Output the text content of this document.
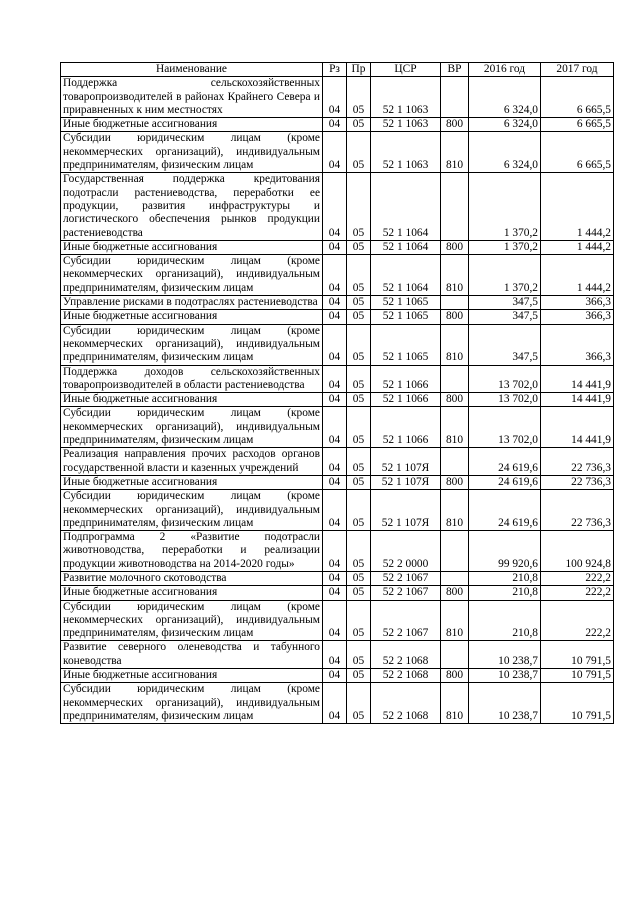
Наименование	Рз	Пр	ЦСР	ВР	2016 год	2017 год
Поддержка сельскохозяйственных товаропроизводителей в районах Крайнего Севера и приравненных к ним местностях	04	05	52 1 1063		6 324,0	6 665,5
Иные бюджетные ассигнования	04	05	52 1 1063	800	6 324,0	6 665,5
Субсидии юридическим лицам (кроме некоммерческих организаций), индивидуальным предпринимателям, физическим лицам	04	05	52 1 1063	810	6 324,0	6 665,5
Государственная поддержка кредитования подотрасли растениеводства, переработки ее продукции, развития инфраструктуры и логистического обеспечения рынков продукции растениеводства	04	05	52 1 1064		1 370,2	1 444,2
Иные бюджетные ассигнования	04	05	52 1 1064	800	1 370,2	1 444,2
Субсидии юридическим лицам (кроме некоммерческих организаций), индивидуальным предпринимателям, физическим лицам	04	05	52 1 1064	810	1 370,2	1 444,2
Управление рисками в подотраслях растениеводства	04	05	52 1 1065		347,5	366,3
Иные бюджетные ассигнования	04	05	52 1 1065	800	347,5	366,3
Субсидии юридическим лицам (кроме некоммерческих организаций), индивидуальным предпринимателям, физическим лицам	04	05	52 1 1065	810	347,5	366,3
Поддержка доходов сельскохозяйственных товаропроизводителей в области растениеводства	04	05	52 1 1066		13 702,0	14 441,9
Иные бюджетные ассигнования	04	05	52 1 1066	800	13 702,0	14 441,9
Субсидии юридическим лицам (кроме некоммерческих организаций), индивидуальным предпринимателям, физическим лицам	04	05	52 1 1066	810	13 702,0	14 441,9
Реализация направления прочих расходов органов государственной власти и казенных учреждений	04	05	52 1 107Я		24 619,6	22 736,3
Иные бюджетные ассигнования	04	05	52 1 107Я	800	24 619,6	22 736,3
Субсидии юридическим лицам (кроме некоммерческих организаций), индивидуальным предпринимателям, физическим лицам	04	05	52 1 107Я	810	24 619,6	22 736,3
Подпрограмма 2 «Развитие подотрасли животноводства, переработки и реализации продукции животноводства на 2014-2020 годы»	04	05	52 2 0000		99 920,6	100 924,8
Развитие молочного скотоводства	04	05	52 2 1067		210,8	222,2
Иные бюджетные ассигнования	04	05	52 2 1067	800	210,8	222,2
Субсидии юридическим лицам (кроме некоммерческих организаций), индивидуальным предпринимателям, физическим лицам	04	05	52 2 1067	810	210,8	222,2
Развитие северного оленеводства и табунного коневодства	04	05	52 2 1068		10 238,7	10 791,5
Иные бюджетные ассигнования	04	05	52 2 1068	800	10 238,7	10 791,5
Субсидии юридическим лицам (кроме некоммерческих организаций), индивидуальным предпринимателям, физическим лицам	04	05	52 2 1068	810	10 238,7	10 791,5
